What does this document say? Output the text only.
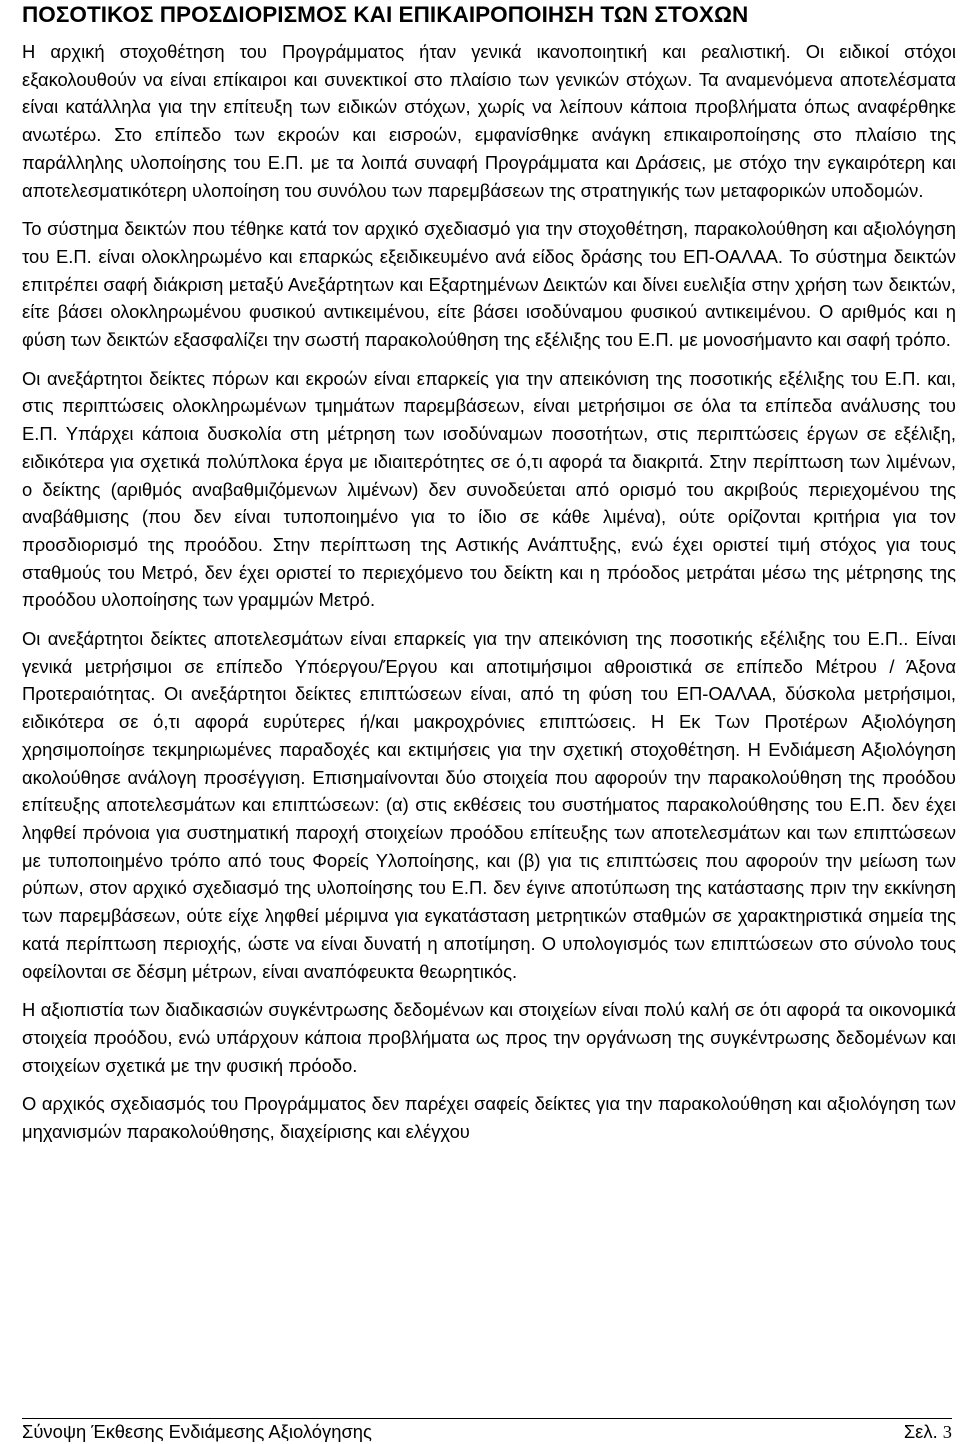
ΠΟΣΟΤΙΚΟΣ ΠΡΟΣΔΙΟΡΙΣΜΟΣ ΚΑΙ ΕΠΙΚΑΙΡΟΠΟΙΗΣΗ ΤΩΝ ΣΤΟΧΩΝ

Η αρχική στοχοθέτηση του Προγράμματος ήταν γενικά ικανοποιητική και ρεαλιστική. Οι ειδικοί στόχοι εξακολουθούν να είναι επίκαιροι και συνεκτικοί στο πλαίσιο των γενικών στόχων. Τα αναμενόμενα αποτελέσματα είναι κατάλληλα για την επίτευξη των ειδικών στόχων, χωρίς να λείπουν κάποια προβλήματα όπως αναφέρθηκε ανωτέρω. Στο επίπεδο των εκροών και εισροών, εμφανίσθηκε ανάγκη επικαιροποίησης στο πλαίσιο της παράλληλης υλοποίησης του Ε.Π. με τα λοιπά συναφή Προγράμματα και Δράσεις, με στόχο την εγκαιρότερη και αποτελεσματικότερη υλοποίηση του συνόλου των παρεμβάσεων της στρατηγικής των μεταφορικών υποδομών.

Το σύστημα δεικτών που τέθηκε κατά τον αρχικό σχεδιασμό για την στοχοθέτηση, παρακολούθηση και αξιολόγηση του Ε.Π. είναι ολοκληρωμένο και επαρκώς εξειδικευμένο ανά είδος δράσης του ΕΠ-ΟΑΛΑΑ. Το σύστημα δεικτών επιτρέπει σαφή διάκριση μεταξύ Ανεξάρτητων και Εξαρτημένων Δεικτών και δίνει ευελιξία στην χρήση των δεικτών, είτε βάσει ολοκληρωμένου φυσικού αντικειμένου, είτε βάσει ισοδύναμου φυσικού αντικειμένου. Ο αριθμός και η φύση των δεικτών εξασφαλίζει την σωστή παρακολούθηση της εξέλιξης του Ε.Π. με μονοσήμαντο και σαφή τρόπο.

Οι ανεξάρτητοι δείκτες πόρων και εκροών είναι επαρκείς για την απεικόνιση της ποσοτικής εξέλιξης του Ε.Π. και, στις περιπτώσεις ολοκληρωμένων τμημάτων παρεμβάσεων, είναι μετρήσιμοι σε όλα τα επίπεδα ανάλυσης του Ε.Π. Υπάρχει κάποια δυσκολία στη μέτρηση των ισοδύναμων ποσοτήτων, στις περιπτώσεις έργων σε εξέλιξη, ειδικότερα για σχετικά πολύπλοκα έργα με ιδιαιτερότητες σε ό,τι αφορά τα διακριτά. Στην περίπτωση των λιμένων, ο δείκτης (αριθμός αναβαθμιζόμενων λιμένων) δεν συνοδεύεται από ορισμό του ακριβούς περιεχομένου της αναβάθμισης (που δεν είναι τυποποιημένο για το ίδιο σε κάθε λιμένα), ούτε ορίζονται κριτήρια για τον προσδιορισμό της προόδου. Στην περίπτωση της Αστικής Ανάπτυξης, ενώ έχει οριστεί τιμή στόχος για τους σταθμούς του Μετρό, δεν έχει οριστεί το περιεχόμενο του δείκτη και η πρόοδος μετράται μέσω της μέτρησης της προόδου υλοποίησης των γραμμών Μετρό.

Οι ανεξάρτητοι δείκτες αποτελεσμάτων είναι επαρκείς για την απεικόνιση της ποσοτικής εξέλιξης του Ε.Π.. Είναι γενικά μετρήσιμοι σε επίπεδο Υπόεργου/Έργου και αποτιμήσιμοι αθροιστικά σε επίπεδο Μέτρου / Άξονα Προτεραιότητας. Οι ανεξάρτητοι δείκτες επιπτώσεων είναι, από τη φύση του ΕΠ-ΟΑΛΑΑ, δύσκολα μετρήσιμοι, ειδικότερα σε ό,τι αφορά ευρύτερες ή/και μακροχρόνιες επιπτώσεις. Η Εκ Των Προτέρων Αξιολόγηση χρησιμοποίησε τεκμηριωμένες παραδοχές και εκτιμήσεις για την σχετική στοχοθέτηση. Η Ενδιάμεση Αξιολόγηση ακολούθησε ανάλογη προσέγγιση. Επισημαίνονται δύο στοιχεία που αφορούν την παρακολούθηση της προόδου επίτευξης αποτελεσμάτων και επιπτώσεων: (α) στις εκθέσεις του συστήματος παρακολούθησης του Ε.Π. δεν έχει ληφθεί πρόνοια για συστηματική παροχή στοιχείων προόδου επίτευξης των αποτελεσμάτων και των επιπτώσεων με τυποποιημένο τρόπο από τους Φορείς Υλοποίησης, και (β) για τις επιπτώσεις που αφορούν την μείωση των ρύπων, στον αρχικό σχεδιασμό της υλοποίησης του Ε.Π. δεν έγινε αποτύπωση της κατάστασης πριν την εκκίνηση των παρεμβάσεων, ούτε είχε ληφθεί μέριμνα για εγκατάσταση μετρητικών σταθμών σε χαρακτηριστικά σημεία της κατά περίπτωση περιοχής, ώστε να είναι δυνατή η αποτίμηση. Ο υπολογισμός των επιπτώσεων στο σύνολο τους οφείλονται σε δέσμη μέτρων, είναι αναπόφευκτα θεωρητικός.

Η αξιοπιστία των διαδικασιών συγκέντρωσης δεδομένων και στοιχείων είναι πολύ καλή σε ότι αφορά τα οικονομικά στοιχεία προόδου, ενώ υπάρχουν κάποια προβλήματα ως προς την οργάνωση της συγκέντρωσης δεδομένων και στοιχείων σχετικά με την φυσική πρόοδο.

Ο αρχικός σχεδιασμός του Προγράμματος δεν παρέχει σαφείς δείκτες για την παρακολούθηση και αξιολόγηση των μηχανισμών παρακολούθησης, διαχείρισης και ελέγχου

Σύνοψη Έκθεσης Ενδιάμεσης Αξιολόγησης	Σελ. 3
